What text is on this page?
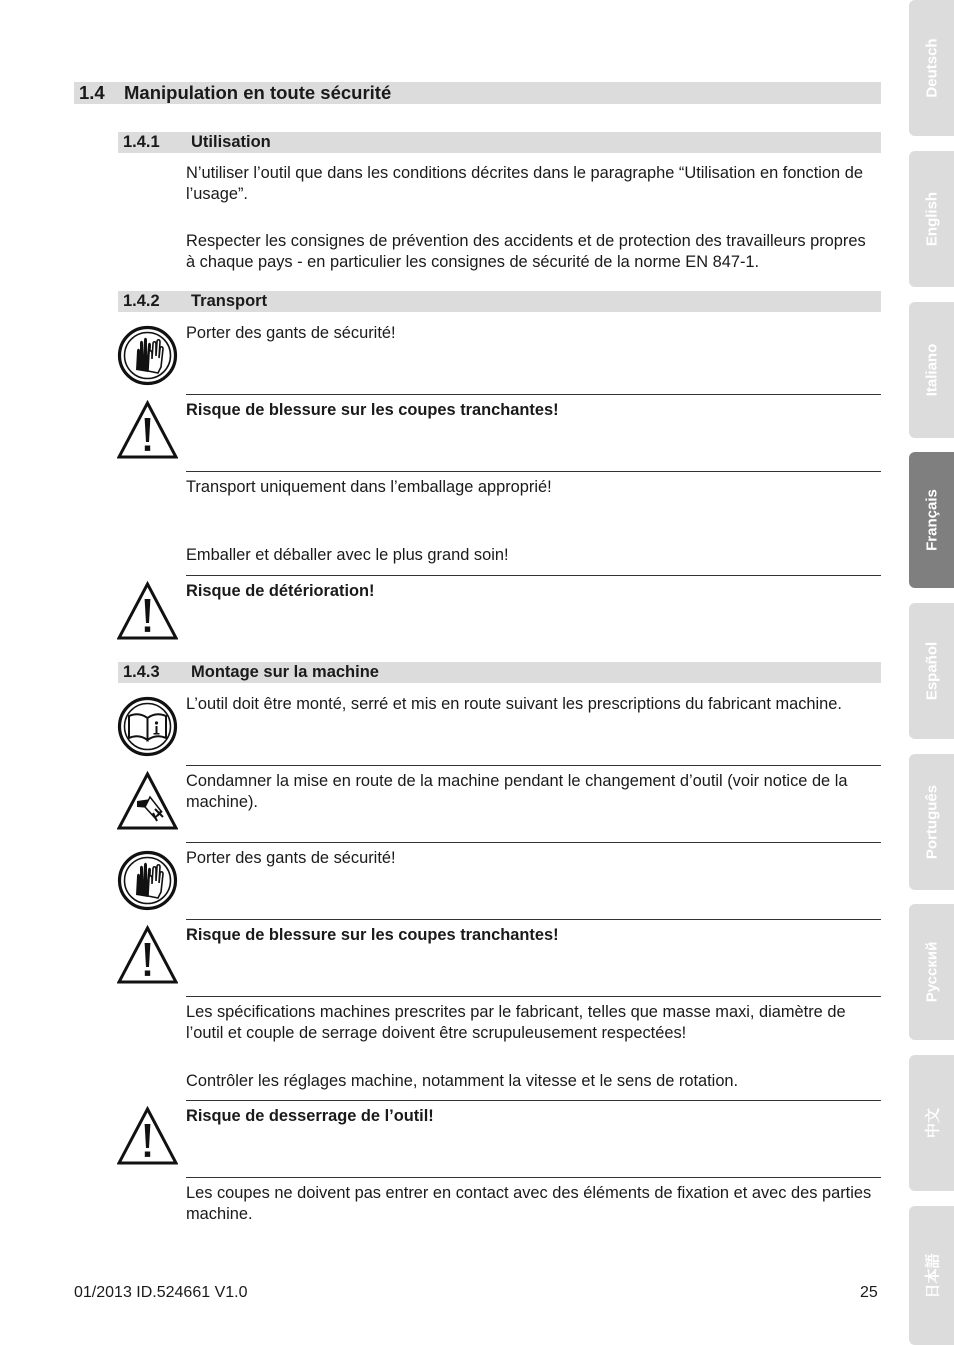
1.4 Manipulation en toute sécurité
1.4.1 Utilisation
N’utiliser l’outil que dans les conditions décrites dans le paragraphe “Utilisation en fonction de l’usage”.
Respecter les consignes de prévention des accidents et de protection des travailleurs propres à chaque pays - en particulier les consignes de sécurité de la norme EN 847-1.
1.4.2 Transport
Porter des gants de sécurité!
Risque de blessure sur les coupes tranchantes!
Transport uniquement dans l’emballage approprié!
Emballer et déballer avec le plus grand soin!
Risque de détérioration!
1.4.3 Montage sur la machine
L’outil doit être monté, serré et mis en route suivant les prescriptions du fabricant machine.
Condamner la mise en route de la machine pendant le changement d’outil (voir notice de la machine).
Porter des gants de sécurité!
Risque de blessure sur les coupes tranchantes!
Les spécifications machines prescrites par le fabricant, telles que masse maxi, diamètre de l’outil et couple de serrage doivent être scrupuleusement respectées!
Contrôler les réglages machine, notamment la vitesse et le sens de rotation.
Risque de desserrage de l’outil!
Les coupes ne doivent pas entrer en contact avec des éléments de fixation et avec des parties machine.
01/2013 ID.524661 V1.0	25
Deutsch
English
Italiano
Français
Español
Português
Русский
中文
日本語
